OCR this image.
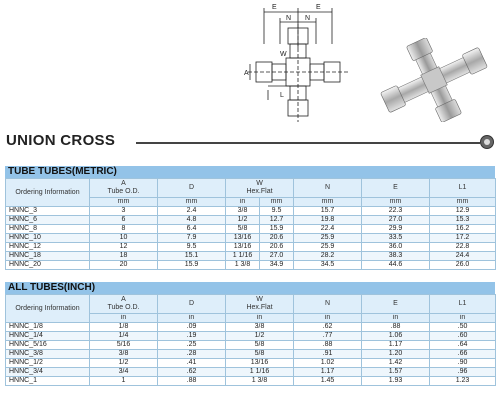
E	E
N N
W
A
L
UNION CROSS
TUBE TUBES(METRIC)
Ordering Information	A
Tube O.D.	D	W
Hex.Flat		N	E	L1
	mm	mm	in	mm	mm	mm	mm
HNNC_3	3	2.4	3/8	9.5	15.7	22.3	12.9
HNNC_6	6	4.8	1/2	12.7	19.8	27.0	15.3
HNNC_8	8	6.4	5/8	15.9	22.4	29.9	16.2
HNNC_10	10	7.9	13/16	20.6	25.9	33.5	17.2
HNNC_12	12	9.5	13/16	20.6	25.9	36.0	22.8
HNNC_18	18	15.1	1 1/16	27.0	28.2	38.3	24.4
HNNC_20	20	15.9	1 3/8	34.9	34.5	44.6	26.0
ALL TUBES(INCH)
Ordering Information	A
Tube O.D.	D	W
Hex.Flat	N	E	L1
	in	in	in	in	in	in
HNNC_1/8	1/8	.09	3/8	.62	.88	.50
HNNC_1/4	1/4	.19	1/2	.77	1.06	.60
HNNC_5/16	5/16	.25	5/8	.88	1.17	.64
HNNC_3/8	3/8	.28	5/8	.91	1.20	.66
HNNC_1/2	1/2	.41	13/16	1.02	1.42	.90
HNNC_3/4	3/4	.62	1 1/16	1.17	1.57	.96
HNNC_1	1	.88	1 3/8	1.45	1.93	1.23
